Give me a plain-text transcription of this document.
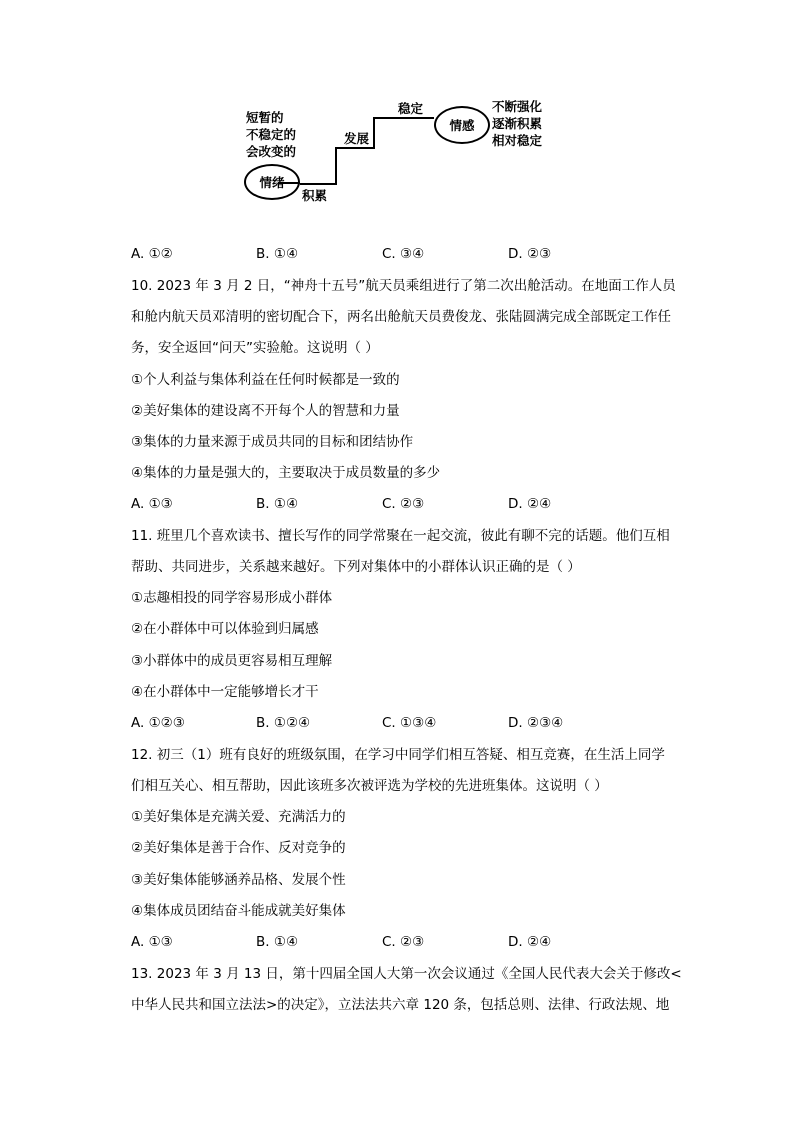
短暂的
不稳定的
会改变的
情绪
积累
发展
稳定
情感
不断强化
逐渐积累
相对稳定
A. ①②	B. ①④	C. ③④	D. ②③
10. 2023 年 3 月 2 日，“神舟十五号”航天员乘组进行了第二次出舱活动。在地面工作人员
和舱内航天员邓清明的密切配合下，两名出舱航天员费俊龙、张陆圆满完成全部既定工作任
务，安全返回“问天”实验舱。这说明（ ）
①个人利益与集体利益在任何时候都是一致的
②美好集体的建设离不开每个人的智慧和力量
③集体的力量来源于成员共同的目标和团结协作
④集体的力量是强大的，主要取决于成员数量的多少
A. ①③	B. ①④	C. ②③	D. ②④
11. 班里几个喜欢读书、擅长写作的同学常聚在一起交流，彼此有聊不完的话题。他们互相
帮助、共同进步，关系越来越好。下列对集体中的小群体认识正确的是（ ）
①志趣相投的同学容易形成小群体
②在小群体中可以体验到归属感
③小群体中的成员更容易相互理解
④在小群体中一定能够增长才干
A. ①②③	B. ①②④	C. ①③④	D. ②③④
12. 初三（1）班有良好的班级氛围，在学习中同学们相互答疑、相互竞赛，在生活上同学
们相互关心、相互帮助，因此该班多次被评选为学校的先进班集体。这说明（ ）
①美好集体是充满关爱、充满活力的
②美好集体是善于合作、反对竞争的
③美好集体能够涵养品格、发展个性
④集体成员团结奋斗能成就美好集体
A. ①③	B. ①④	C. ②③	D. ②④
13. 2023 年 3 月 13 日，第十四届全国人大第一次会议通过《全国人民代表大会关于修改<
中华人民共和国立法法>的决定》，立法法共六章 120 条，包括总则、法律、行政法规、地
